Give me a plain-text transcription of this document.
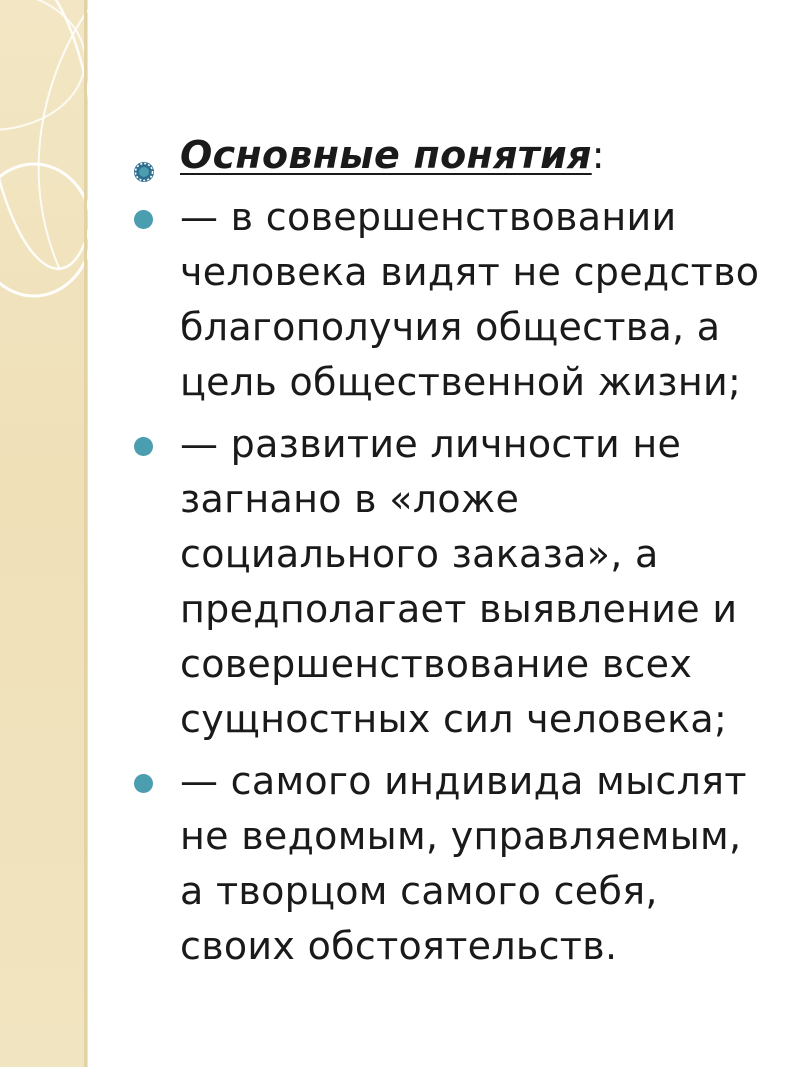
Основные понятия:
— в совершенствовании человека видят не средство благополучия общества, а цель общественной жизни;
— развитие личности не загнано в «ложе социального заказа», а предполагает выявление и совершенствование всех сущностных сил человека;
— самого индивида мыслят не ведомым, управляемым, а творцом самого себя, своих обстоятельств.
